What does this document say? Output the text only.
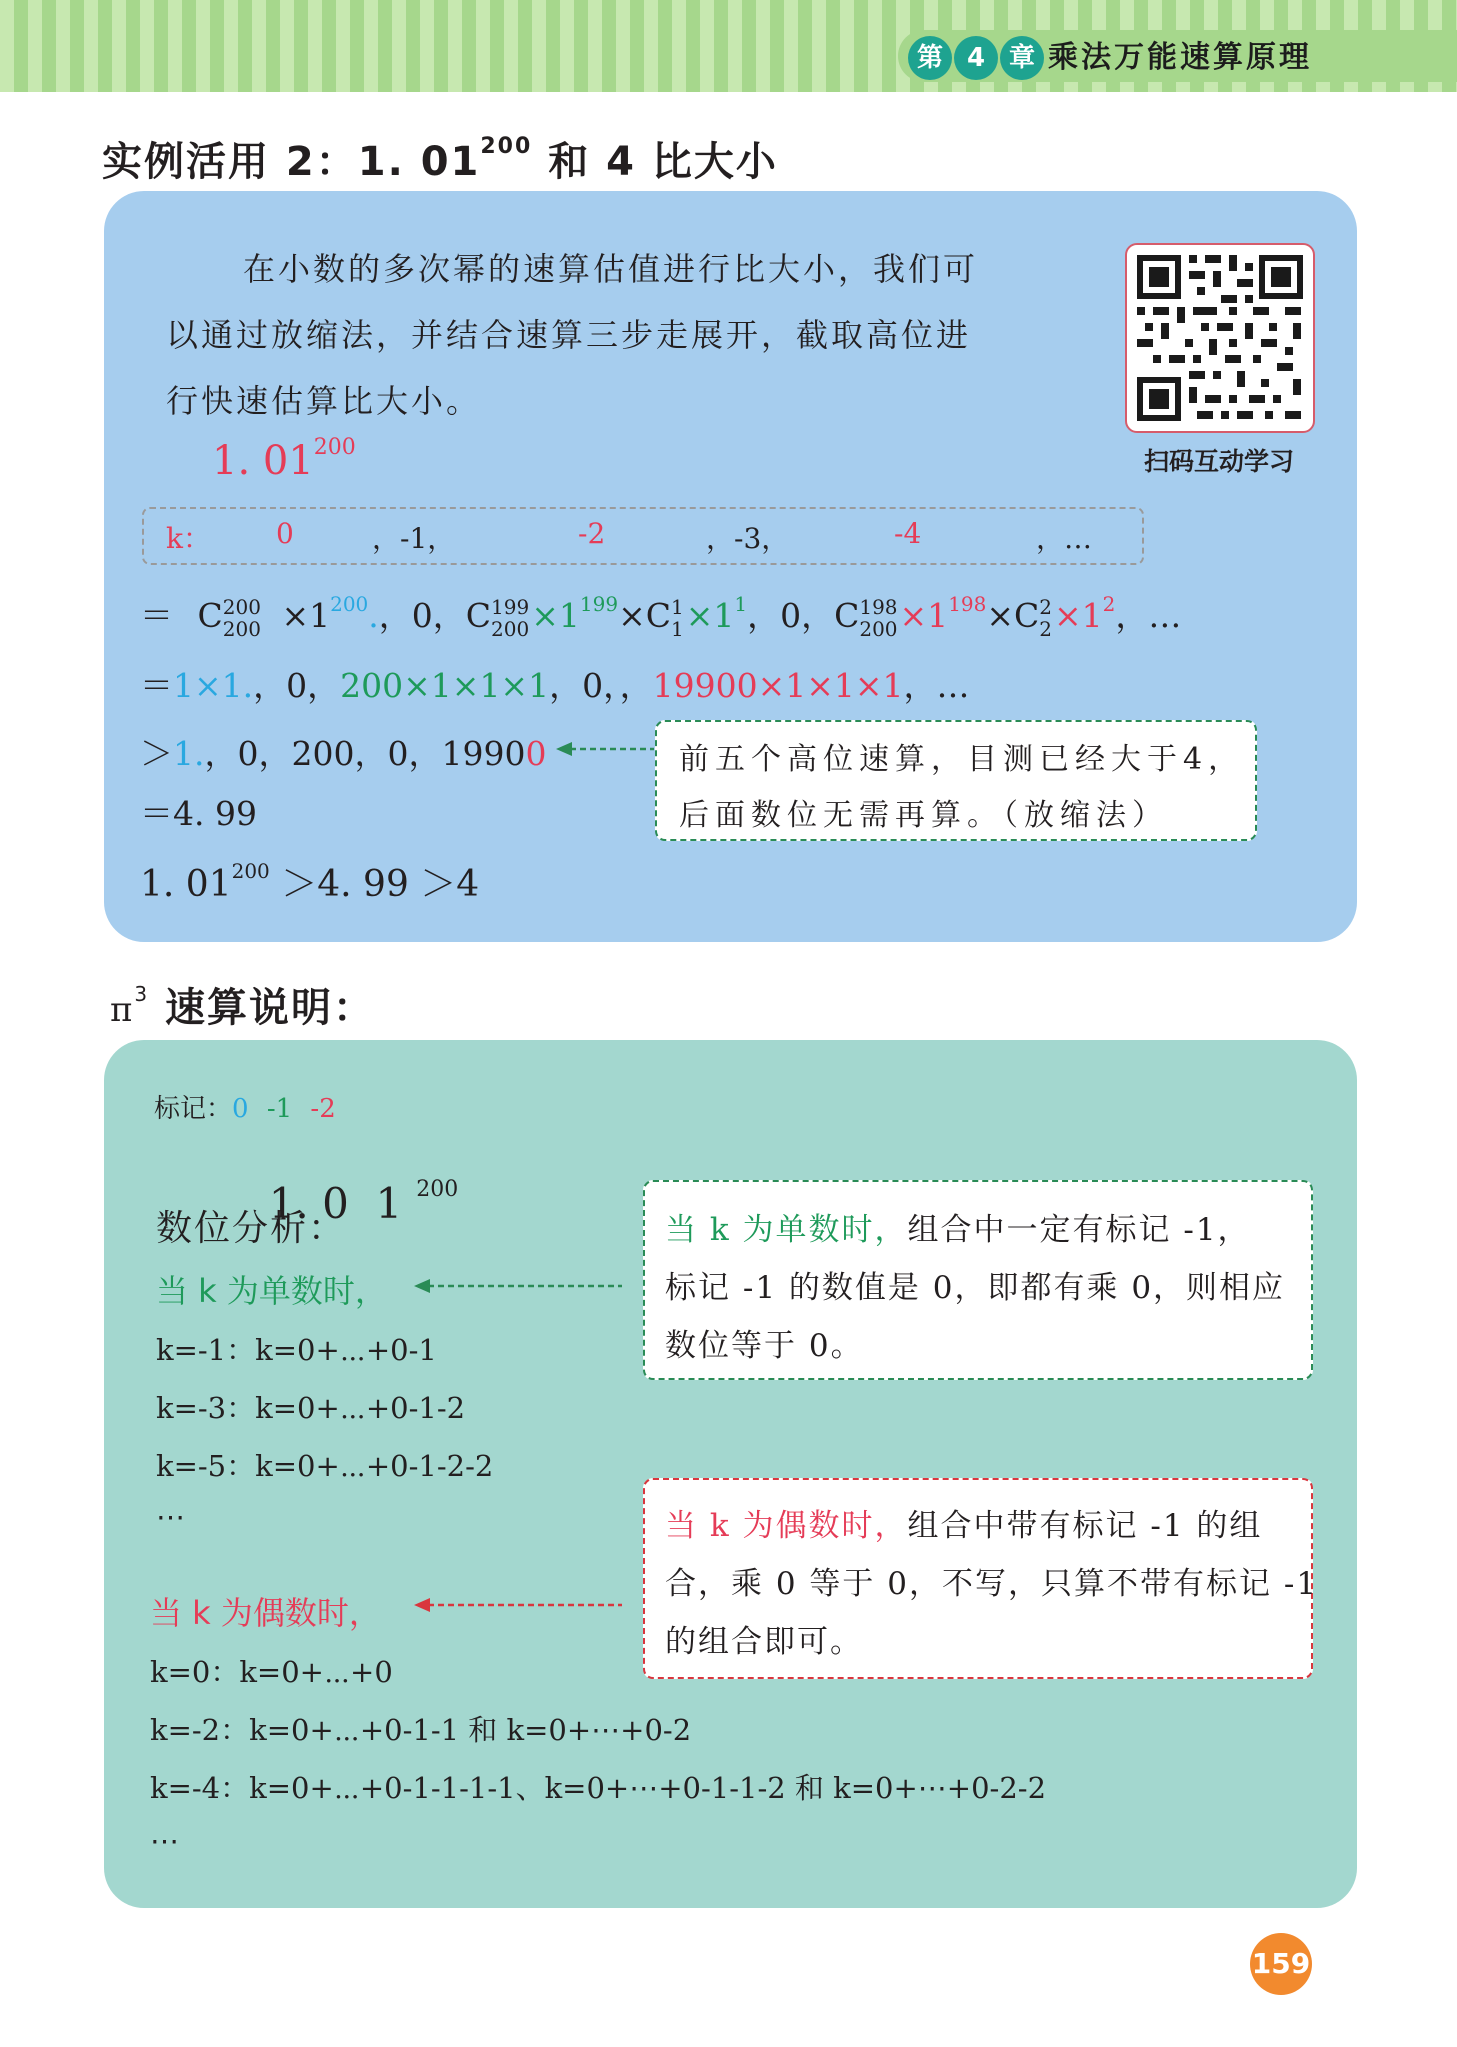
第 4 章 乘法万能速算原理
实例活用 2：1. $01^{200}$ 和 4 比大小
在小数的多次幂的速算估值进行比大小，我们可
以通过放缩法，并结合速算三步走展开，截取高位进
行快速估算比大小。
扫码互动学习
1. $01^{200}$
k： 0	，-1，	-2	，-3，	-4	，…
＝ C 200
$200 \times 1^{200}$.，0，C 199
$200 \times 1^{199}\times C$ 1
$1 \times 1^1$，0，C 198
$200 \times 1^{198}\times C$ 2
$2 \times 1^2$，…
＝1×1.，0，200×1×1×1，0，，19900×1×1×1，…
＞1.，0，200，0，19900
＝4. 99
1. $01^{200} >4$. 99 ＞4
前五个高位速算，目测已经大于4，
后面数位无需再算。（放缩法）
$\pi^3$ 速算说明：
标记：0 -1 -2

1. 0  1 $^{200}$

数位分析：
当 k 为单数时，
k=-1：k=0+⋯+0-1
k=-3：k=0+⋯+0-1-2
k=-5：k=0+⋯+0-1-2-2
⋯
当 k 为偶数时，
k=0：k=0+⋯+0
k=-2：k=0+⋯+0-1-1 和 k=0+⋯+0-2
k=-4：k=0+⋯+0-1-1-1-1、k=0+⋯+0-1-1-2 和 k=0+⋯+0-2-2
⋯
当 k 为单数时，组合中一定有标记 -1，
标记 -1 的数值是 0，即都有乘 0，则相应
数位等于 0。
当 k 为偶数时，组合中带有标记 -1 的组
合，乘 0 等于 0，不写，只算不带有标记 -1
的组合即可。
159
